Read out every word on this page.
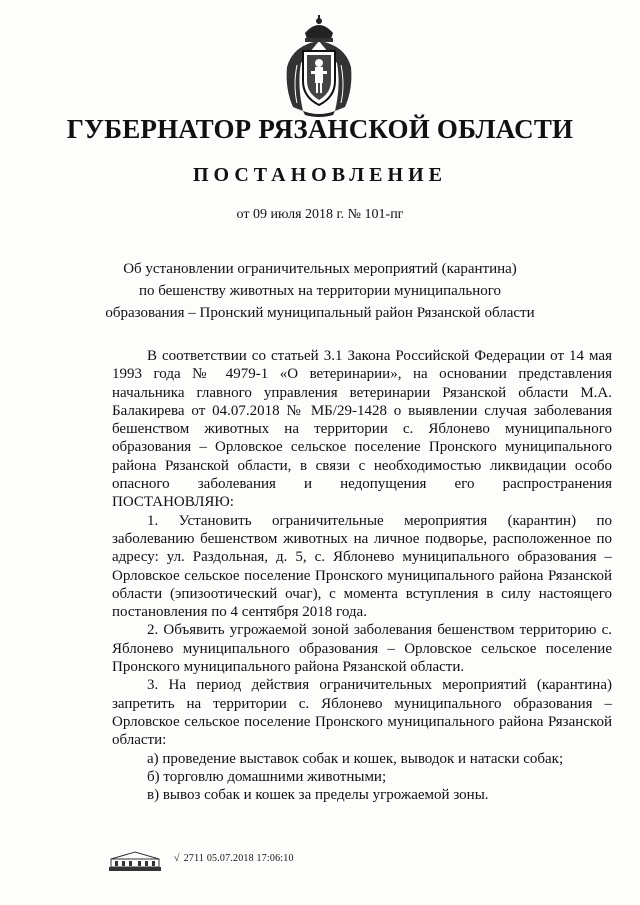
ГУБЕРНАТОР РЯЗАНСКОЙ ОБЛАСТИ
ПОСТАНОВЛЕНИЕ
от 09 июля 2018 г. № 101-пг
Об установлении ограничительных мероприятий (карантина)
по бешенству животных на территории муниципального
образования – Пронский муниципальный район Рязанской области

В соответствии со статьей 3.1 Закона Российской Федерации от 14 мая 1993 года № 4979-1 «О ветеринарии», на основании представления начальника главного управления ветеринарии Рязанской области М.А. Балакирева от 04.07.2018 № МБ/29-1428 о выявлении случая заболевания бешенством животных на территории с. Яблонево муниципального образования – Орловское сельское поселение Пронского муниципального района Рязанской области, в связи с необходимостью ликвидации особо опасного заболевания и недопущения его распространения ПОСТАНОВЛЯЮ:

1. Установить ограничительные мероприятия (карантин) по заболеванию бешенством животных на личное подворье, расположенное по адресу: ул. Раздольная, д. 5, с. Яблонево муниципального образования – Орловское сельское поселение Пронского муниципального района Рязанской области (эпизоотический очаг), с момента вступления в силу настоящего постановления по 4 сентября 2018 года.

2. Объявить угрожаемой зоной заболевания бешенством территорию с. Яблонево муниципального образования – Орловское сельское поселение Пронского муниципального района Рязанской области.

3. На период действия ограничительных мероприятий (карантина) запретить на территории с. Яблонево муниципального образования – Орловское сельское поселение Пронского муниципального района Рязанской области:

а) проведение выставок собак и кошек, выводок и натаски собак;

б) торговлю домашними животными;

в) вывоз собак и кошек за пределы угрожаемой зоны.

√ 2711 05.07.2018 17:06:10
